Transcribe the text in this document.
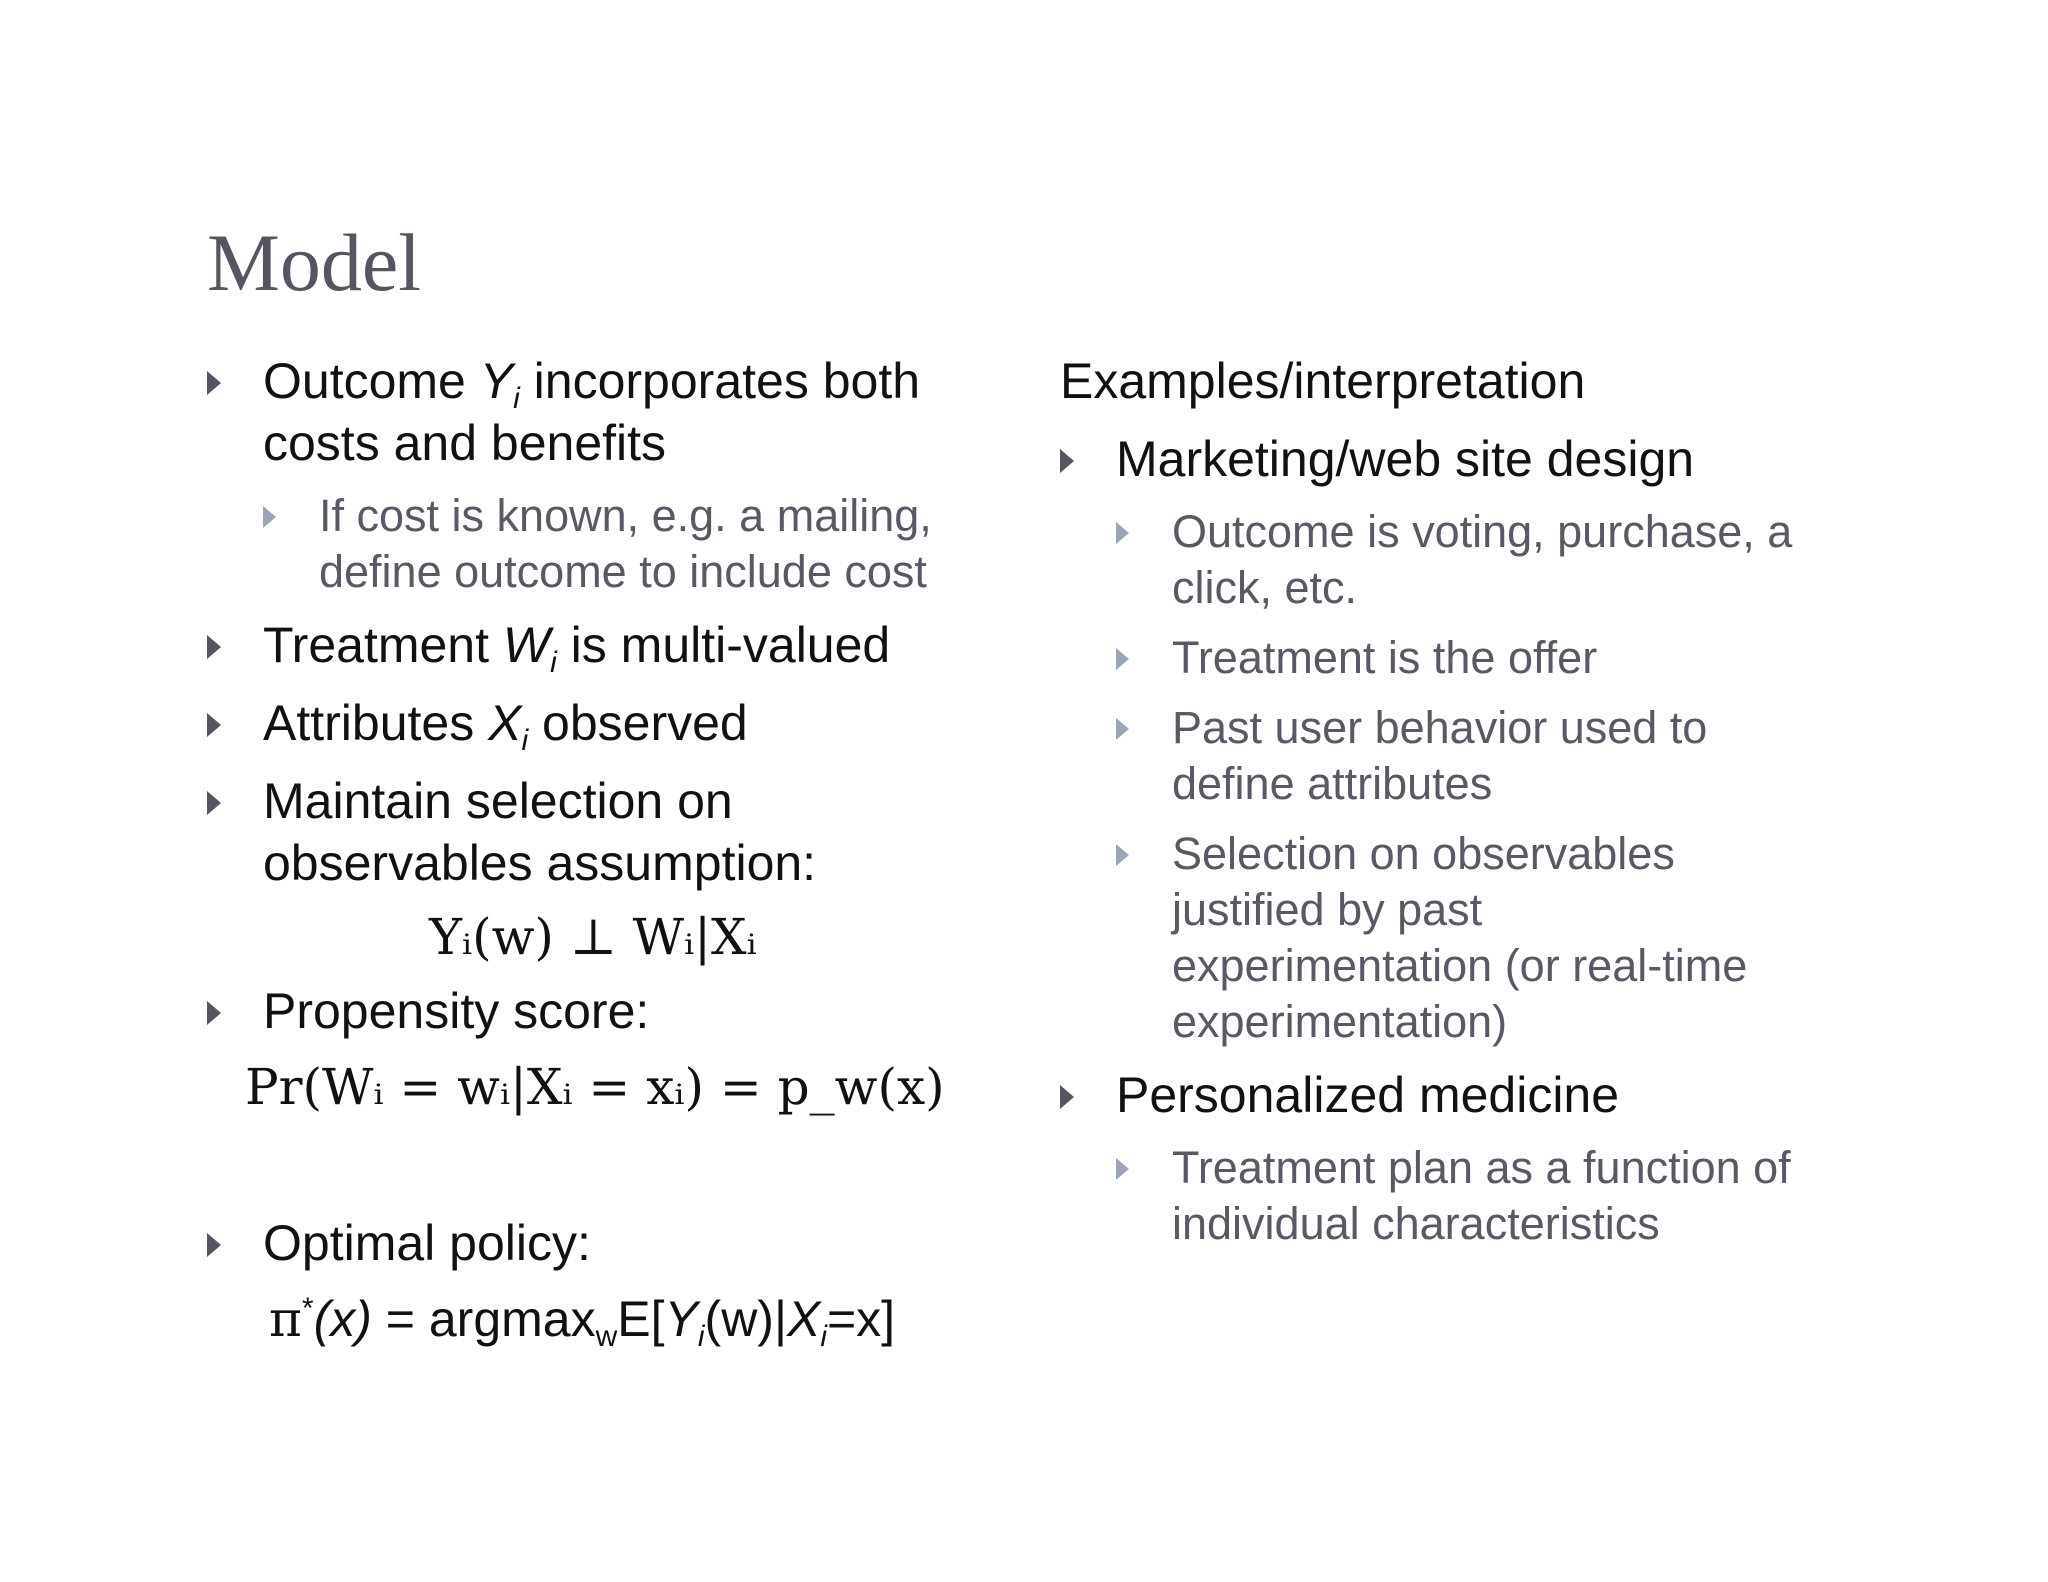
Model
Outcome $Y_i$ incorporates both
costs and benefits
If cost is known, e.g. a mailing,
define outcome to include cost
Treatment $W_i$ is multi-valued
Attributes $X_i$ observed
Maintain selection on
observables assumption:
Yᵢ(w) ⊥ Wᵢ|Xᵢ
Propensity score:
Pr(Wᵢ = wᵢ|Xᵢ = xᵢ) = p_w(x)
Optimal policy:
$\pi^*(x) = argmax_wE[Y_i(w)|X_i=x]$
Examples/interpretation
Marketing/web site design
Outcome is voting, purchase, a
click, etc.
Treatment is the offer
Past user behavior used to
define attributes
Selection on observables
justified by past
experimentation (or real-time
experimentation)
Personalized medicine
Treatment plan as a function of
individual characteristics
